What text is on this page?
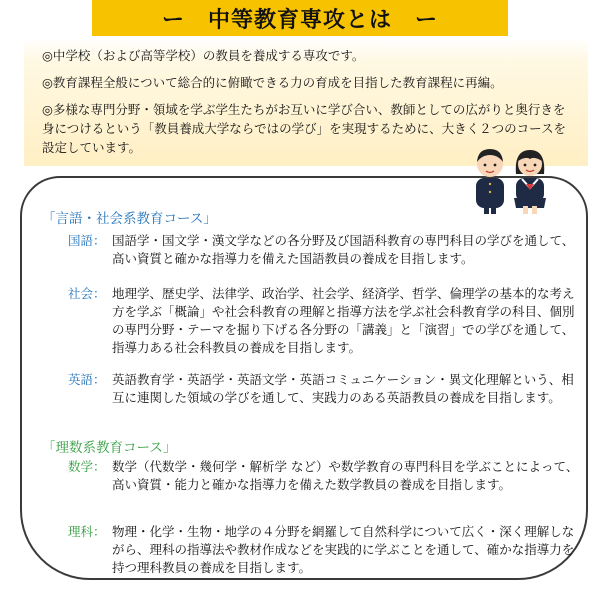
ー　中等教育専攻とは　ー

◎中学校（および高等学校）の教員を養成する専攻です。

◎教育課程全般について総合的に俯瞰できる力の育成を目指した教育課程に再編。

◎多様な専門分野・領域を学ぶ学生たちがお互いに学び合い、教師としての広がりと奥行きを身につけるという「教員養成大学ならではの学び」を実現するために、大きく２つのコースを設定しています。

「言語・社会系教育コース」
国語： 国語学・国文学・漢文学などの各分野及び国語科教育の専門科目の学びを通して、高い資質と確かな指導力を備えた国語教員の養成を目指します。
社会： 地理学、歴史学、法律学、政治学、社会学、経済学、哲学、倫理学の基本的な考え方を学ぶ「概論」や社会科教育の理解と指導方法を学ぶ社会科教育学の科目、個別の専門分野・テーマを掘り下げる各分野の「講義」と「演習」での学びを通して、指導力ある社会科教員の養成を目指します。
英語： 英語教育学・英語学・英語文学・英語コミュニケーション・異文化理解という、相互に連関した領域の学びを通して、実践力のある英語教員の養成を目指します。
「理数系教育コース」
数学： 数学（代数学・幾何学・解析学 など）や数学教育の専門科目を学ぶことによって、高い資質・能力と確かな指導力を備えた数学教員の養成を目指します。
理科： 物理・化学・生物・地学の４分野を網羅して自然科学について広く・深く理解しながら、理科の指導法や教材作成などを実践的に学ぶことを通して、確かな指導力を持つ理科教員の養成を目指します。
